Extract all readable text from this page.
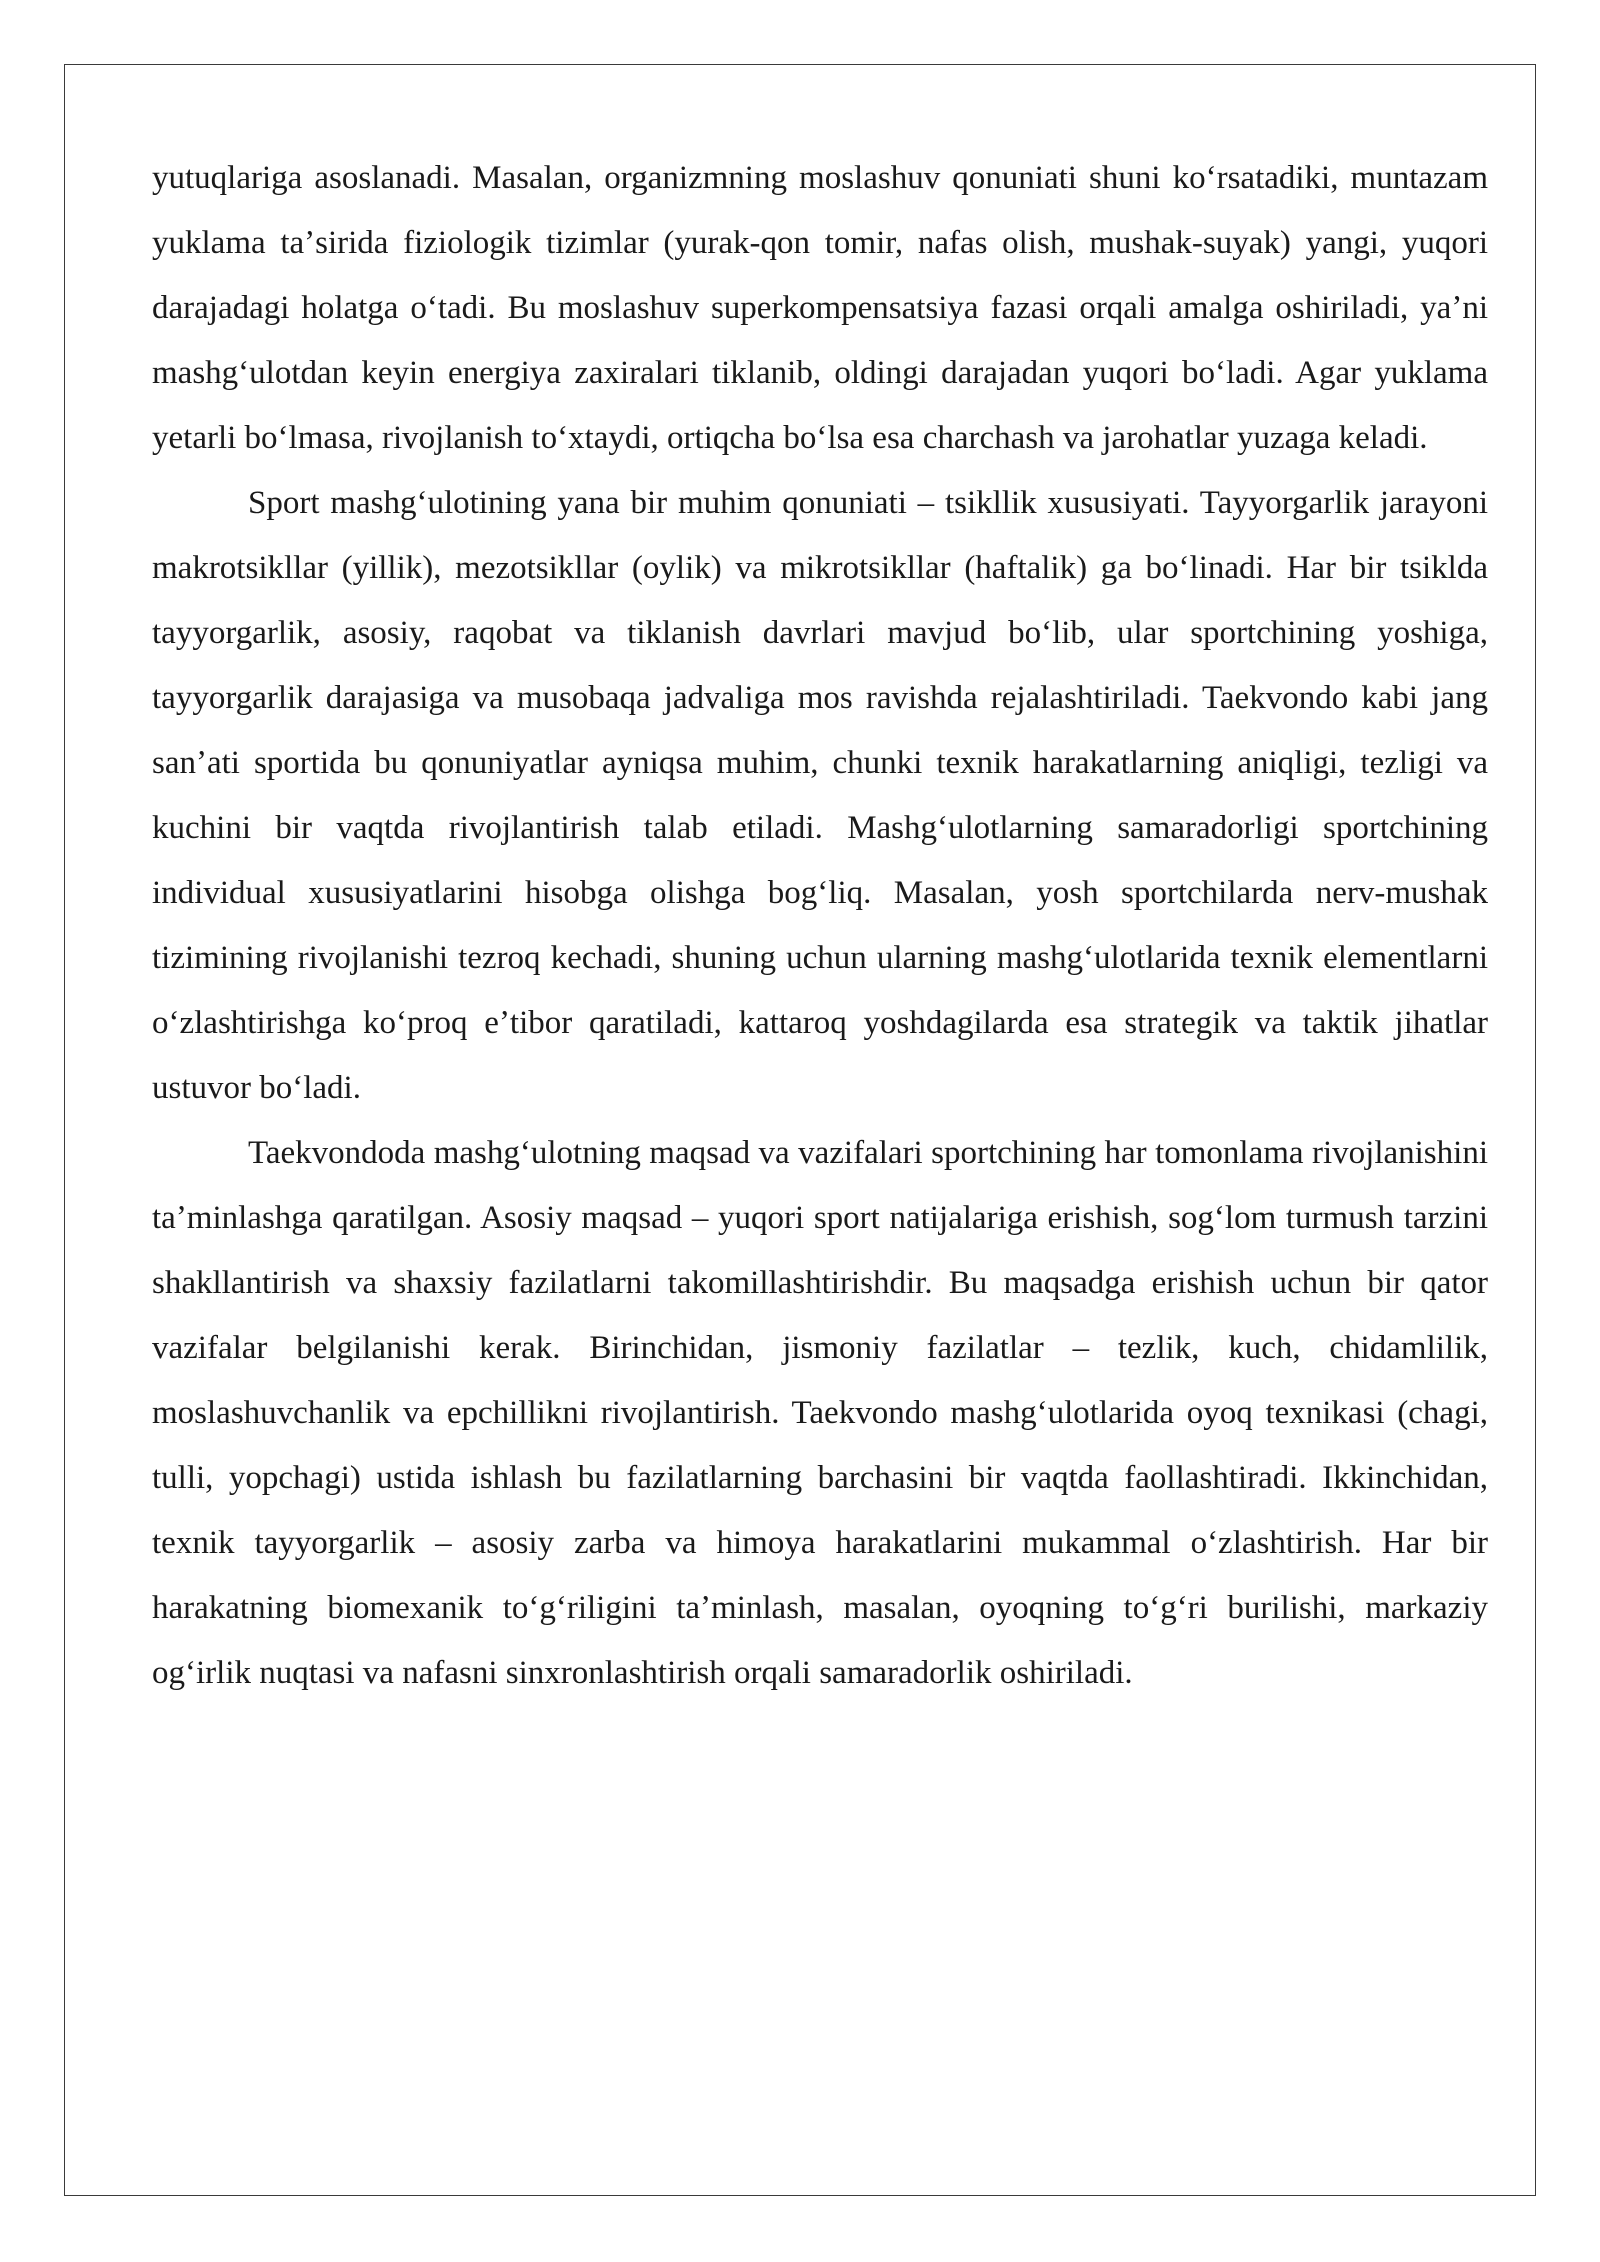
yutuqlariga asoslanadi. Masalan, organizmning moslashuv qonuniati shuni koʻrsatadiki, muntazam yuklama taʼsirida fiziologik tizimlar (yurak-qon tomir, nafas olish, mushak-suyak) yangi, yuqori darajadagi holatga oʻtadi. Bu moslashuv superkompensatsiya fazasi orqali amalga oshiriladi, yaʼni mashgʻulotdan keyin energiya zaxiralari tiklanib, oldingi darajadan yuqori boʻladi. Agar yuklama yetarli boʻlmasa, rivojlanish toʻxtaydi, ortiqcha boʻlsa esa charchash va jarohatlar yuzaga keladi.

Sport mashgʻulotining yana bir muhim qonuniati – tsikllik xususiyati. Tayyorgarlik jarayoni makrotsikllar (yillik), mezotsikllar (oylik) va mikrotsikllar (haftalik) ga boʻlinadi. Har bir tsiklda tayyorgarlik, asosiy, raqobat va tiklanish davrlari mavjud boʻlib, ular sportchining yoshiga, tayyorgarlik darajasiga va musobaqa jadvaliga mos ravishda rejalashtiriladi. Taekvondo kabi jang sanʼati sportida bu qonuniyatlar ayniqsa muhim, chunki texnik harakatlarning aniqligi, tezligi va kuchini bir vaqtda rivojlantirish talab etiladi. Mashgʻulotlarning samaradorligi sportchining individual xususiyatlarini hisobga olishga bogʻliq. Masalan, yosh sportchilarda nerv-mushak tizimining rivojlanishi tezroq kechadi, shuning uchun ularning mashgʻulotlarida texnik elementlarni oʻzlashtirishga koʻproq eʼtibor qaratiladi, kattaroq yoshdagilarda esa strategik va taktik jihatlar ustuvor boʻladi.

Taekvondoda mashgʻulotning maqsad va vazifalari sportchining har tomonlama rivojlanishini taʼminlashga qaratilgan. Asosiy maqsad – yuqori sport natijalariga erishish, sogʻlom turmush tarzini shakllantirish va shaxsiy fazilatlarni takomillashtirishdir. Bu maqsadga erishish uchun bir qator vazifalar belgilanishi kerak. Birinchidan, jismoniy fazilatlar – tezlik, kuch, chidamlilik, moslashuvchanlik va epchillikni rivojlantirish. Taekvondo mashgʻulotlarida oyoq texnikasi (chagi, tulli, yopchagi) ustida ishlash bu fazilatlarning barchasini bir vaqtda faollashtiradi. Ikkinchidan, texnik tayyorgarlik – asosiy zarba va himoya harakatlarini mukammal oʻzlashtirish. Har bir harakatning biomexanik toʻgʻriligini taʼminlash, masalan, oyoqning toʻgʻri burilishi, markaziy ogʻirlik nuqtasi va nafasni sinxronlashtirish orqali samaradorlik oshiriladi.
